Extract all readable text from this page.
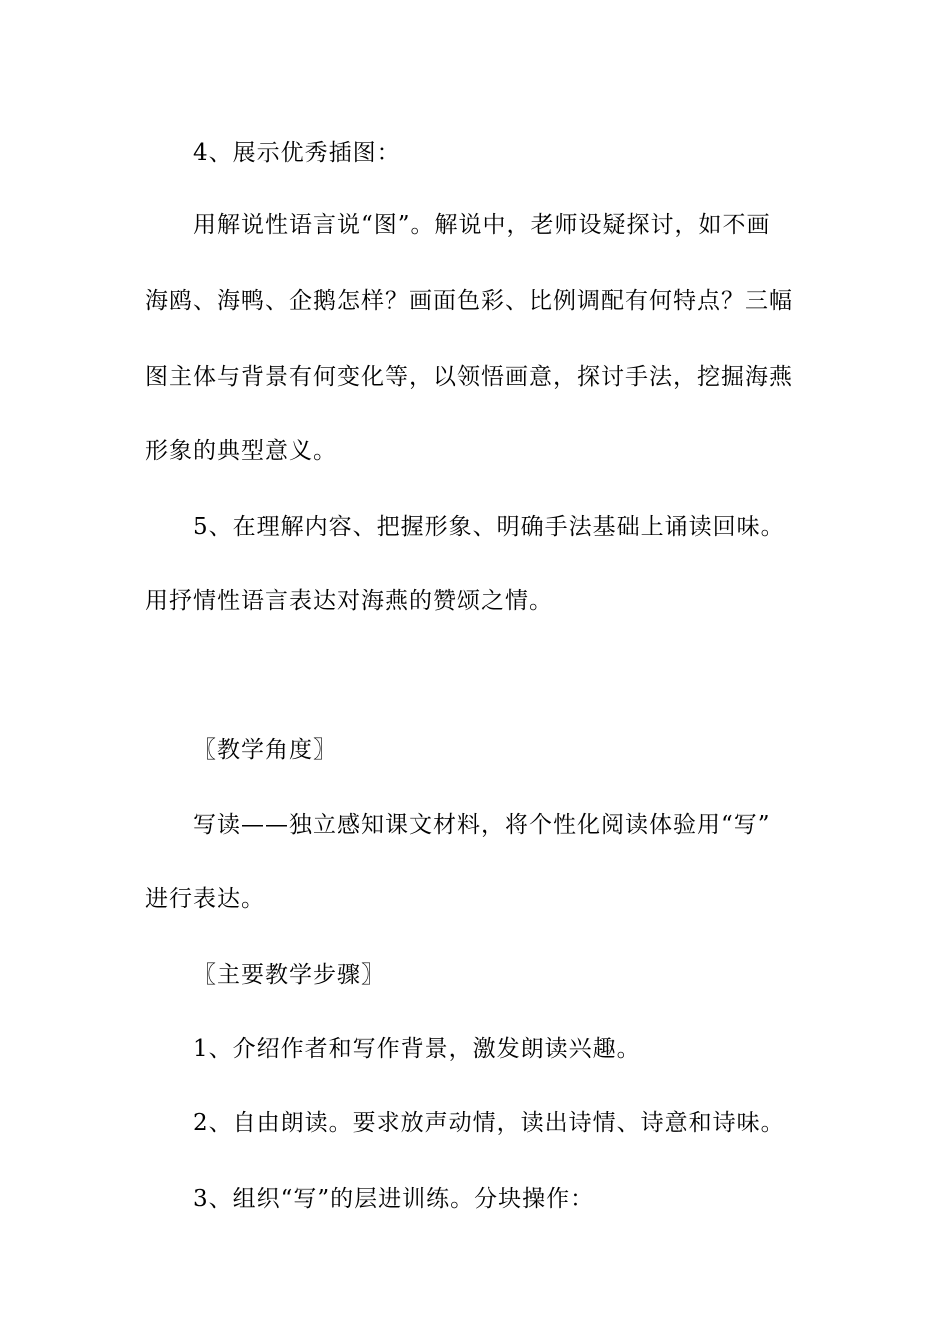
4、展示优秀插图：
用解说性语言说“图”。解说中，老师设疑探讨，如不画
海鸥、海鸭、企鹅怎样？画面色彩、比例调配有何特点？三幅
图主体与背景有何变化等，以领悟画意，探讨手法，挖掘海燕
形象的典型意义。
5、在理解内容、把握形象、明确手法基础上诵读回味。
用抒情性语言表达对海燕的赞颂之情。
〖教学角度〗
写读——独立感知课文材料，将个性化阅读体验用“写”
进行表达。
〖主要教学步骤〗
1、介绍作者和写作背景，激发朗读兴趣。
2、自由朗读。要求放声动情，读出诗情、诗意和诗味。
3、组织“写”的层进训练。分块操作：
